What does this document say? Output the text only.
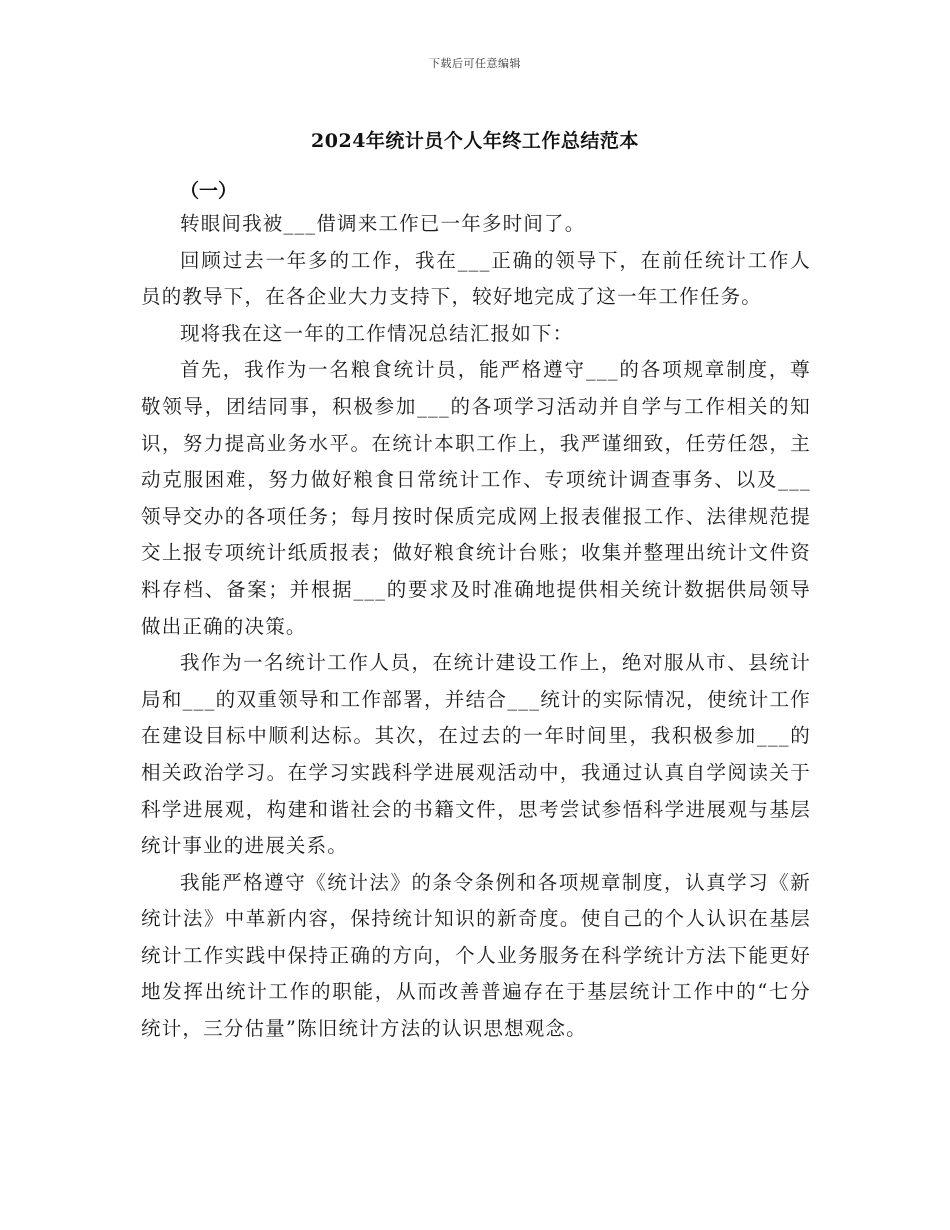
下载后可任意编辑
2024年统计员个人年终工作总结范本
（一）

转眼间我被___借调来工作已一年多时间了。

回顾过去一年多的工作，我在___正确的领导下，在前任统计工作人员的教导下，在各企业大力支持下，较好地完成了这一年工作任务。

现将我在这一年的工作情况总结汇报如下：

首先，我作为一名粮食统计员，能严格遵守___的各项规章制度，尊敬领导，团结同事，积极参加___的各项学习活动并自学与工作相关的知识，努力提高业务水平。在统计本职工作上，我严谨细致，任劳任怨，主动克服困难，努力做好粮食日常统计工作、专项统计调查事务、以及___领导交办的各项任务；每月按时保质完成网上报表催报工作、法律规范提交上报专项统计纸质报表；做好粮食统计台账；收集并整理出统计文件资料存档、备案；并根据___的要求及时准确地提供相关统计数据供局领导做出正确的决策。

我作为一名统计工作人员，在统计建设工作上，绝对服从市、县统计局和___的双重领导和工作部署，并结合___统计的实际情况，使统计工作在建设目标中顺利达标。其次，在过去的一年时间里，我积极参加___的相关政治学习。在学习实践科学进展观活动中，我通过认真自学阅读关于科学进展观，构建和谐社会的书籍文件，思考尝试参悟科学进展观与基层统计事业的进展关系。

我能严格遵守《统计法》的条令条例和各项规章制度，认真学习《新统计法》中革新内容，保持统计知识的新奇度。使自己的个人认识在基层统计工作实践中保持正确的方向，个人业务服务在科学统计方法下能更好地发挥出统计工作的职能，从而改善普遍存在于基层统计工作中的“七分统计，三分估量”陈旧统计方法的认识思想观念。
